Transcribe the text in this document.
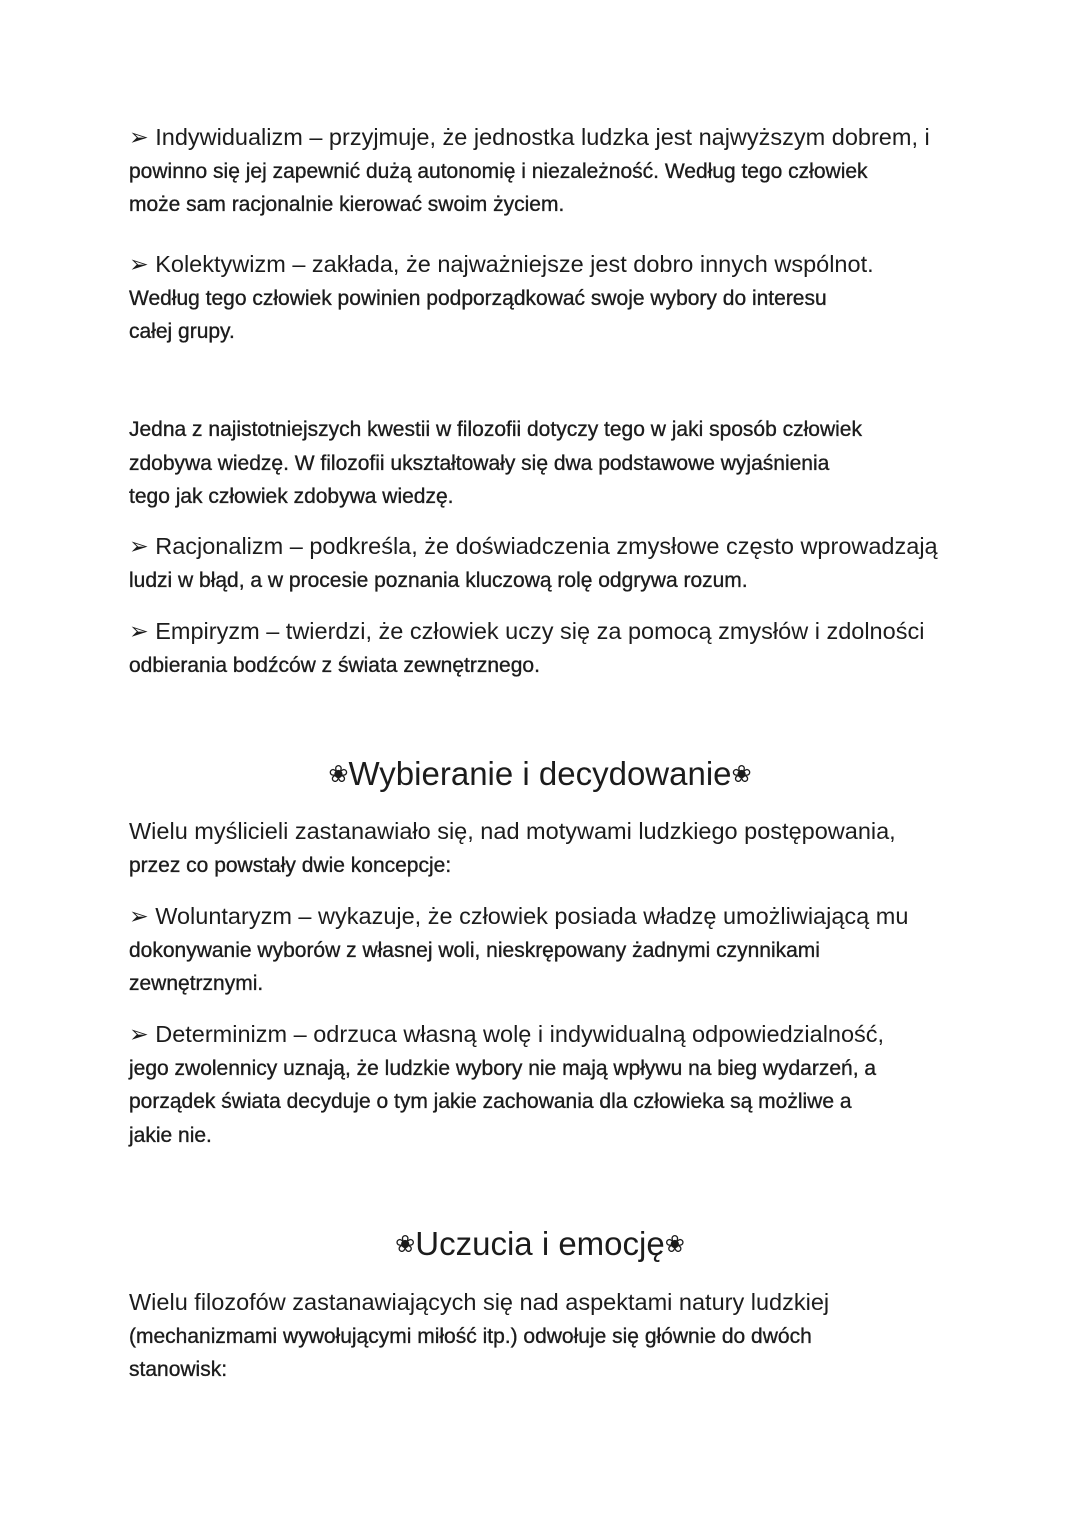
➢ Indywidualizm – przyjmuje, że jednostka ludzka jest najwyższym dobrem, i
powinno się jej zapewnić dużą autonomię i niezależność. Według tego człowiek
może sam racjonalnie kierować swoim życiem.
➢ Kolektywizm – zakłada, że najważniejsze jest dobro innych wspólnot.
Według tego człowiek powinien podporządkować swoje wybory do interesu
całej grupy.
Jedna z najistotniejszych kwestii w filozofii dotyczy tego w jaki sposób człowiek
zdobywa wiedzę. W filozofii ukształtowały się dwa podstawowe wyjaśnienia
tego jak człowiek zdobywa wiedzę.
➢ Racjonalizm – podkreśla, że doświadczenia zmysłowe często wprowadzają
ludzi w błąd, a w procesie poznania kluczową rolę odgrywa rozum.
➢ Empiryzm – twierdzi, że człowiek uczy się za pomocą zmysłów i zdolności
odbierania bodźców z świata zewnętrznego.
❀Wybieranie i decydowanie❀
Wielu myślicieli zastanawiało się, nad motywami ludzkiego postępowania,
przez co powstały dwie koncepcje:
➢ Woluntaryzm – wykazuje, że człowiek posiada władzę umożliwiającą mu
dokonywanie wyborów z własnej woli, nieskrępowany żadnymi czynnikami
zewnętrznymi.
➢ Determinizm – odrzuca własną wolę i indywidualną odpowiedzialność,
jego zwolennicy uznają, że ludzkie wybory nie mają wpływu na bieg wydarzeń, a
porządek świata decyduje o tym jakie zachowania dla człowieka są możliwe a
jakie nie.
❀Uczucia i emocję❀
Wielu filozofów zastanawiających się nad aspektami natury ludzkiej
(mechanizmami wywołującymi miłość itp.) odwołuje się głównie do dwóch
stanowisk:
